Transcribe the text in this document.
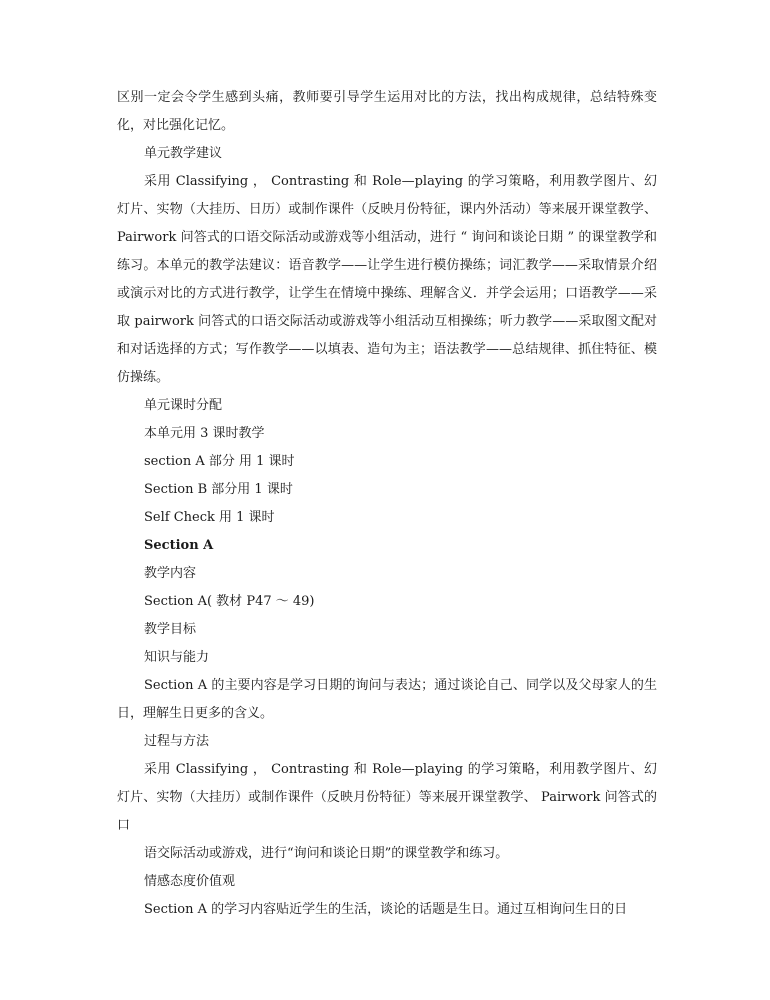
区别一定会令学生感到头痛，教师要引导学生运用对比的方法，找出构成规律，总结特殊变化，对比强化记忆。

单元教学建议

采用 Classifying ， Contrasting 和 Role—playing 的学习策略，利用教学图片、幻灯片、实物（大挂历、日历）或制作课件（反映月份特征，课内外活动）等来展开课堂教学、 Pairwork 问答式的口语交际活动或游戏等小组活动，进行 “ 询问和谈论日期 ” 的课堂教学和练习。本单元的教学法建议：语音教学——让学生进行模仿操练；词汇教学——采取情景介绍或演示对比的方式进行教学，让学生在情境中操练、理解含义．并学会运用；口语教学——采取 pairwork 问答式的口语交际活动或游戏等小组活动互相操练；听力教学——采取图文配对和对话选择的方式；写作教学——以填表、造句为主；语法教学——总结规律、抓住特征、模仿操练。

单元课时分配

本单元用 3 课时教学

section A 部分 用 1 课时

Section B 部分用 1 课时

Self Check 用 1 课时

Section A

教学内容

Section A( 教材 P47 ～ 49)

教学目标

知识与能力

Section A 的主要内容是学习日期的询问与表达；通过谈论自己、同学以及父母家人的生日，理解生日更多的含义。

过程与方法

采用 Classifying ， Contrasting 和 Role—playing 的学习策略，利用教学图片、幻灯片、实物（大挂历）或制作课件（反映月份特征）等来展开课堂教学、 Pairwork 问答式的口

语交际活动或游戏，进行“询问和谈论日期”的课堂教学和练习。

情感态度价值观

Section A 的学习内容贴近学生的生活，谈论的话题是生日。通过互相询问生日的日
